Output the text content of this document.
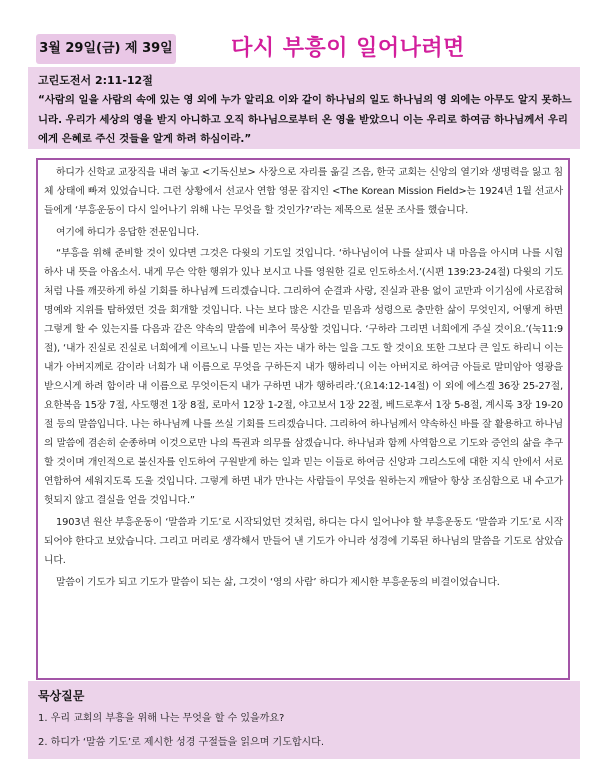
3월 29일(금) 제 39일	다시 부흥이 일어나려면
고린도전서 2:11-12절
“사람의 일을 사람의 속에 있는 영 외에 누가 알리요 이와 같이 하나님의 일도 하나님의 영 외에는 아무도 알지 못하느니라. 우리가 세상의 영을 받지 아니하고 오직 하나님으로부터 온 영을 받았으니 이는 우리로 하여금 하나님께서 우리에게 은혜로 주신 것들을 알게 하려 하심이라.”

하디가 신학교 교장직을 내려 놓고 <기독신보> 사장으로 자리를 옮길 즈음, 한국 교회는 신앙의 열기와 생명력을 잃고 침체 상태에 빠져 있었습니다. 그런 상황에서 선교사 연합 영문 잡지인 <The Korean Mission Field>는 1924년 1월 선교사들에게 ‘부흥운동이 다시 일어나기 위해 나는 무엇을 할 것인가?’라는 제목으로 설문 조사를 했습니다.

여기에 하디가 응답한 전문입니다.

“부흥을 위해 준비할 것이 있다면 그것은 다윗의 기도일 것입니다. ‘하나님이여 나를 살피사 내 마음을 아시며 나를 시험하사 내 뜻을 아옵소서. 내게 무슨 악한 행위가 있나 보시고 나를 영원한 길로 인도하소서.’(시편 139:23-24절) 다윗의 기도처럼 나를 깨끗하게 하실 기회를 하나님께 드리겠습니다. 그리하여 순결과 사랑, 진실과 관용 없이 교만과 이기심에 사로잡혀 명예와 지위를 탐하였던 것을 회개할 것입니다. 나는 보다 많은 시간을 믿음과 성령으로 충만한 삶이 무엇인지, 어떻게 하면 그렇게 할 수 있는지를 다음과 같은 약속의 말씀에 비추어 묵상할 것입니다. ‘구하라 그리면 너희에게 주실 것이요.’(눅11:9절), ‘내가 진실로 진실로 너희에게 이르노니 나를 믿는 자는 내가 하는 일을 그도 할 것이요 또한 그보다 큰 일도 하리니 이는 내가 아버지께로 감이라 너희가 내 이름으로 무엇을 구하든지 내가 행하리니 이는 아버지로 하여금 아들로 말미암아 영광을 받으시게 하려 함이라 내 이름으로 무엇이든지 내가 구하면 내가 행하리라.’(요14:12-14절) 이 외에 에스겔 36장 25-27절, 요한복음 15장 7절, 사도행전 1장 8절, 로마서 12장 1-2절, 야고보서 1장 22절, 베드로후서 1장 5-8절, 계시록 3장 19-20절 등의 말씀입니다. 나는 하나님께 나를 쓰실 기회를 드리겠습니다. 그리하여 하나님께서 약속하신 바를 잘 활용하고 하나님의 말씀에 겸손히 순종하며 이것으로만 나의 특권과 의무를 삼겠습니다. 하나님과 함께 사역함으로 기도와 증언의 삶을 추구할 것이며 개인적으로 불신자를 인도하여 구원받게 하는 일과 믿는 이들로 하여금 신앙과 그리스도에 대한 지식 안에서 서로 연합하여 세워지도록 도울 것입니다. 그렇게 하면 내가 만나는 사람들이 무엇을 원하는지 깨달아 항상 조심함으로 내 수고가 헛되지 않고 결실을 얻을 것입니다.”

1903년 원산 부흥운동이 ‘말씀과 기도’로 시작되었던 것처럼, 하디는 다시 일어나야 할 부흥운동도 ‘말씀과 기도’로 시작되어야 한다고 보았습니다. 그리고 머리로 생각해서 만들어 낸 기도가 아니라 성경에 기록된 하나님의 말씀을 기도로 삼았습니다.

말씀이 기도가 되고 기도가 말씀이 되는 삶, 그것이 ‘영의 사람’ 하디가 제시한 부흥운동의 비결이었습니다.

묵상질문
1. 우리 교회의 부흥을 위해 나는 무엇을 할 수 있을까요?
2. 하디가 ‘말씀 기도’로 제시한 성경 구절들을 읽으며 기도합시다.
